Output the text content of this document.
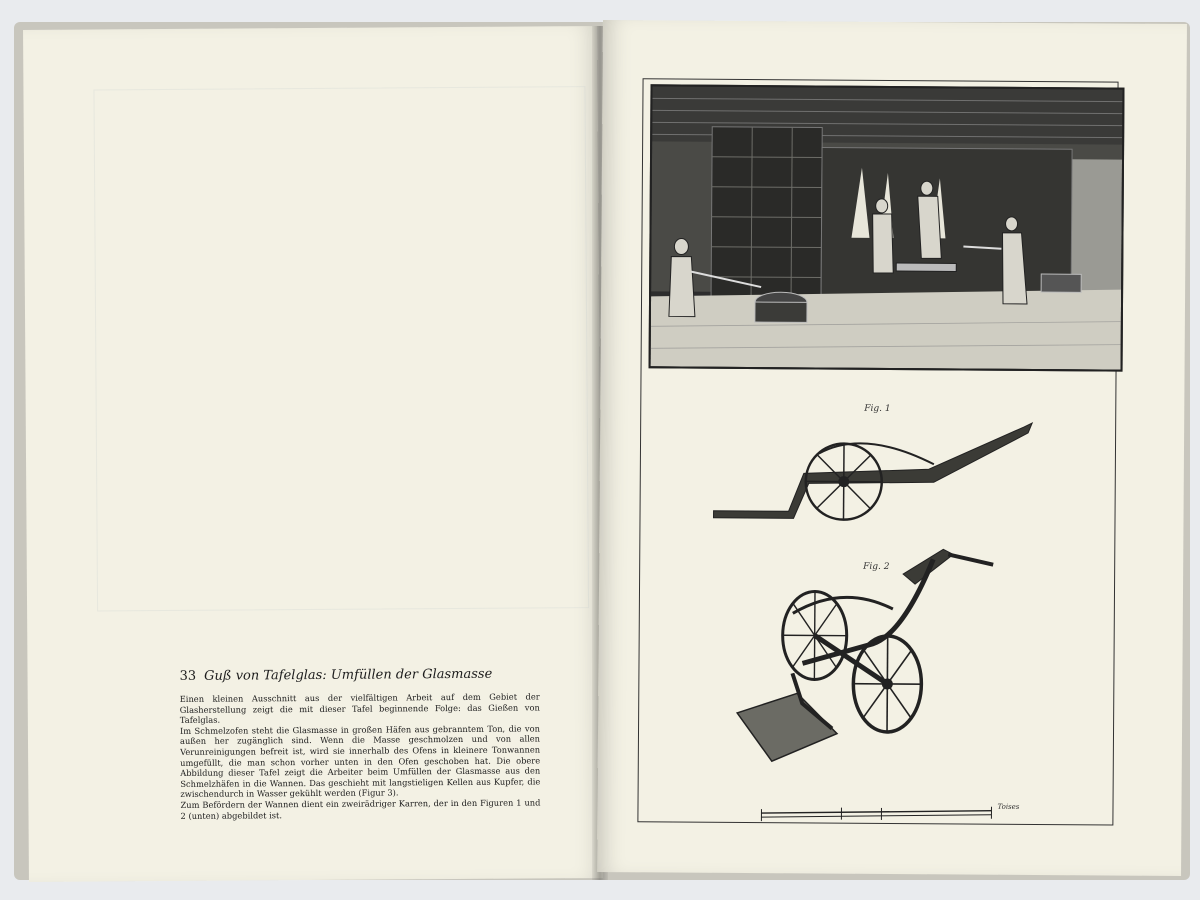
33 Guß von Tafelglas: Umfüllen der Glasmasse

Einen kleinen Ausschnitt aus der vielfältigen Arbeit auf dem Gebiet der Glasherstellung zeigt die mit dieser Tafel beginnende Folge: das Gießen von Tafelglas.

Im Schmelzofen steht die Glasmasse in großen Häfen aus gebranntem Ton, die von außen her zugänglich sind. Wenn die Masse geschmolzen und von allen Verunreinigungen befreit ist, wird sie innerhalb des Ofens in kleinere Tonwannen umgefüllt, die man schon vorher unten in den Ofen geschoben hat. Die obere Abbildung dieser Tafel zeigt die Arbeiter beim Umfüllen der Glasmasse aus den Schmelzhäfen in die Wannen. Das geschieht mit langstieligen Kellen aus Kupfer, die zwischendurch in Wasser gekühlt werden (Figur 3).

Zum Befördern der Wannen dient ein zweirädriger Karren, der in den Figuren 1 und 2 (unten) abgebildet ist.

Fig. 1
Fig. 2
Toises
